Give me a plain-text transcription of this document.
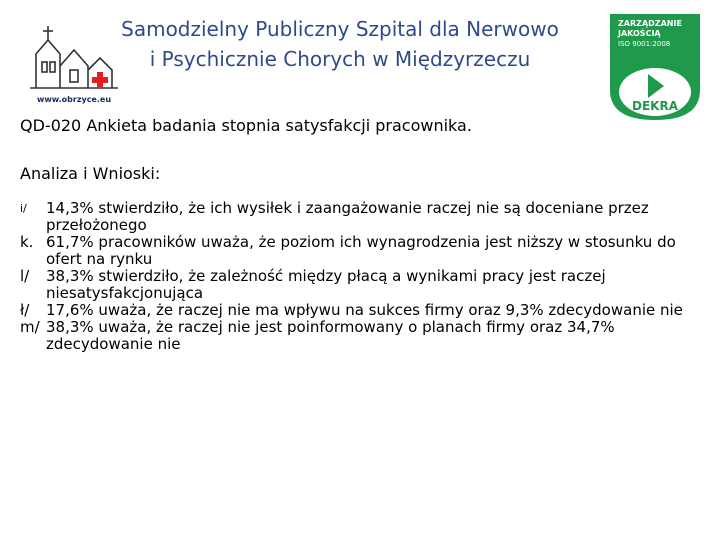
www.obrzyce.eu
Samodzielny Publiczny Szpital dla Nerwowo
i Psychicznie Chorych w Międzyrzeczu
ZARZĄDZANIE
JAKOŚCIĄ
ISO 9001:2008
DEKRA
QD-020 Ankieta badania stopnia satysfakcji pracownika.
Analiza i Wnioski:
i/	14,3% stwierdziło, że ich wysiłek i zaangażowanie raczej nie są doceniane przez przełożonego
k. 61,7% pracowników uważa, że poziom ich wynagrodzenia jest niższy w stosunku do ofert na rynku
l/	38,3% stwierdziło, że zależność między płacą a wynikami pracy jest raczej niesatysfakcjonująca
ł/	17,6% uważa, że raczej nie ma wpływu na sukces firmy oraz 9,3% zdecydowanie nie
m/ 38,3% uważa, że raczej nie jest poinformowany o planach firmy oraz 34,7% zdecydowanie nie
